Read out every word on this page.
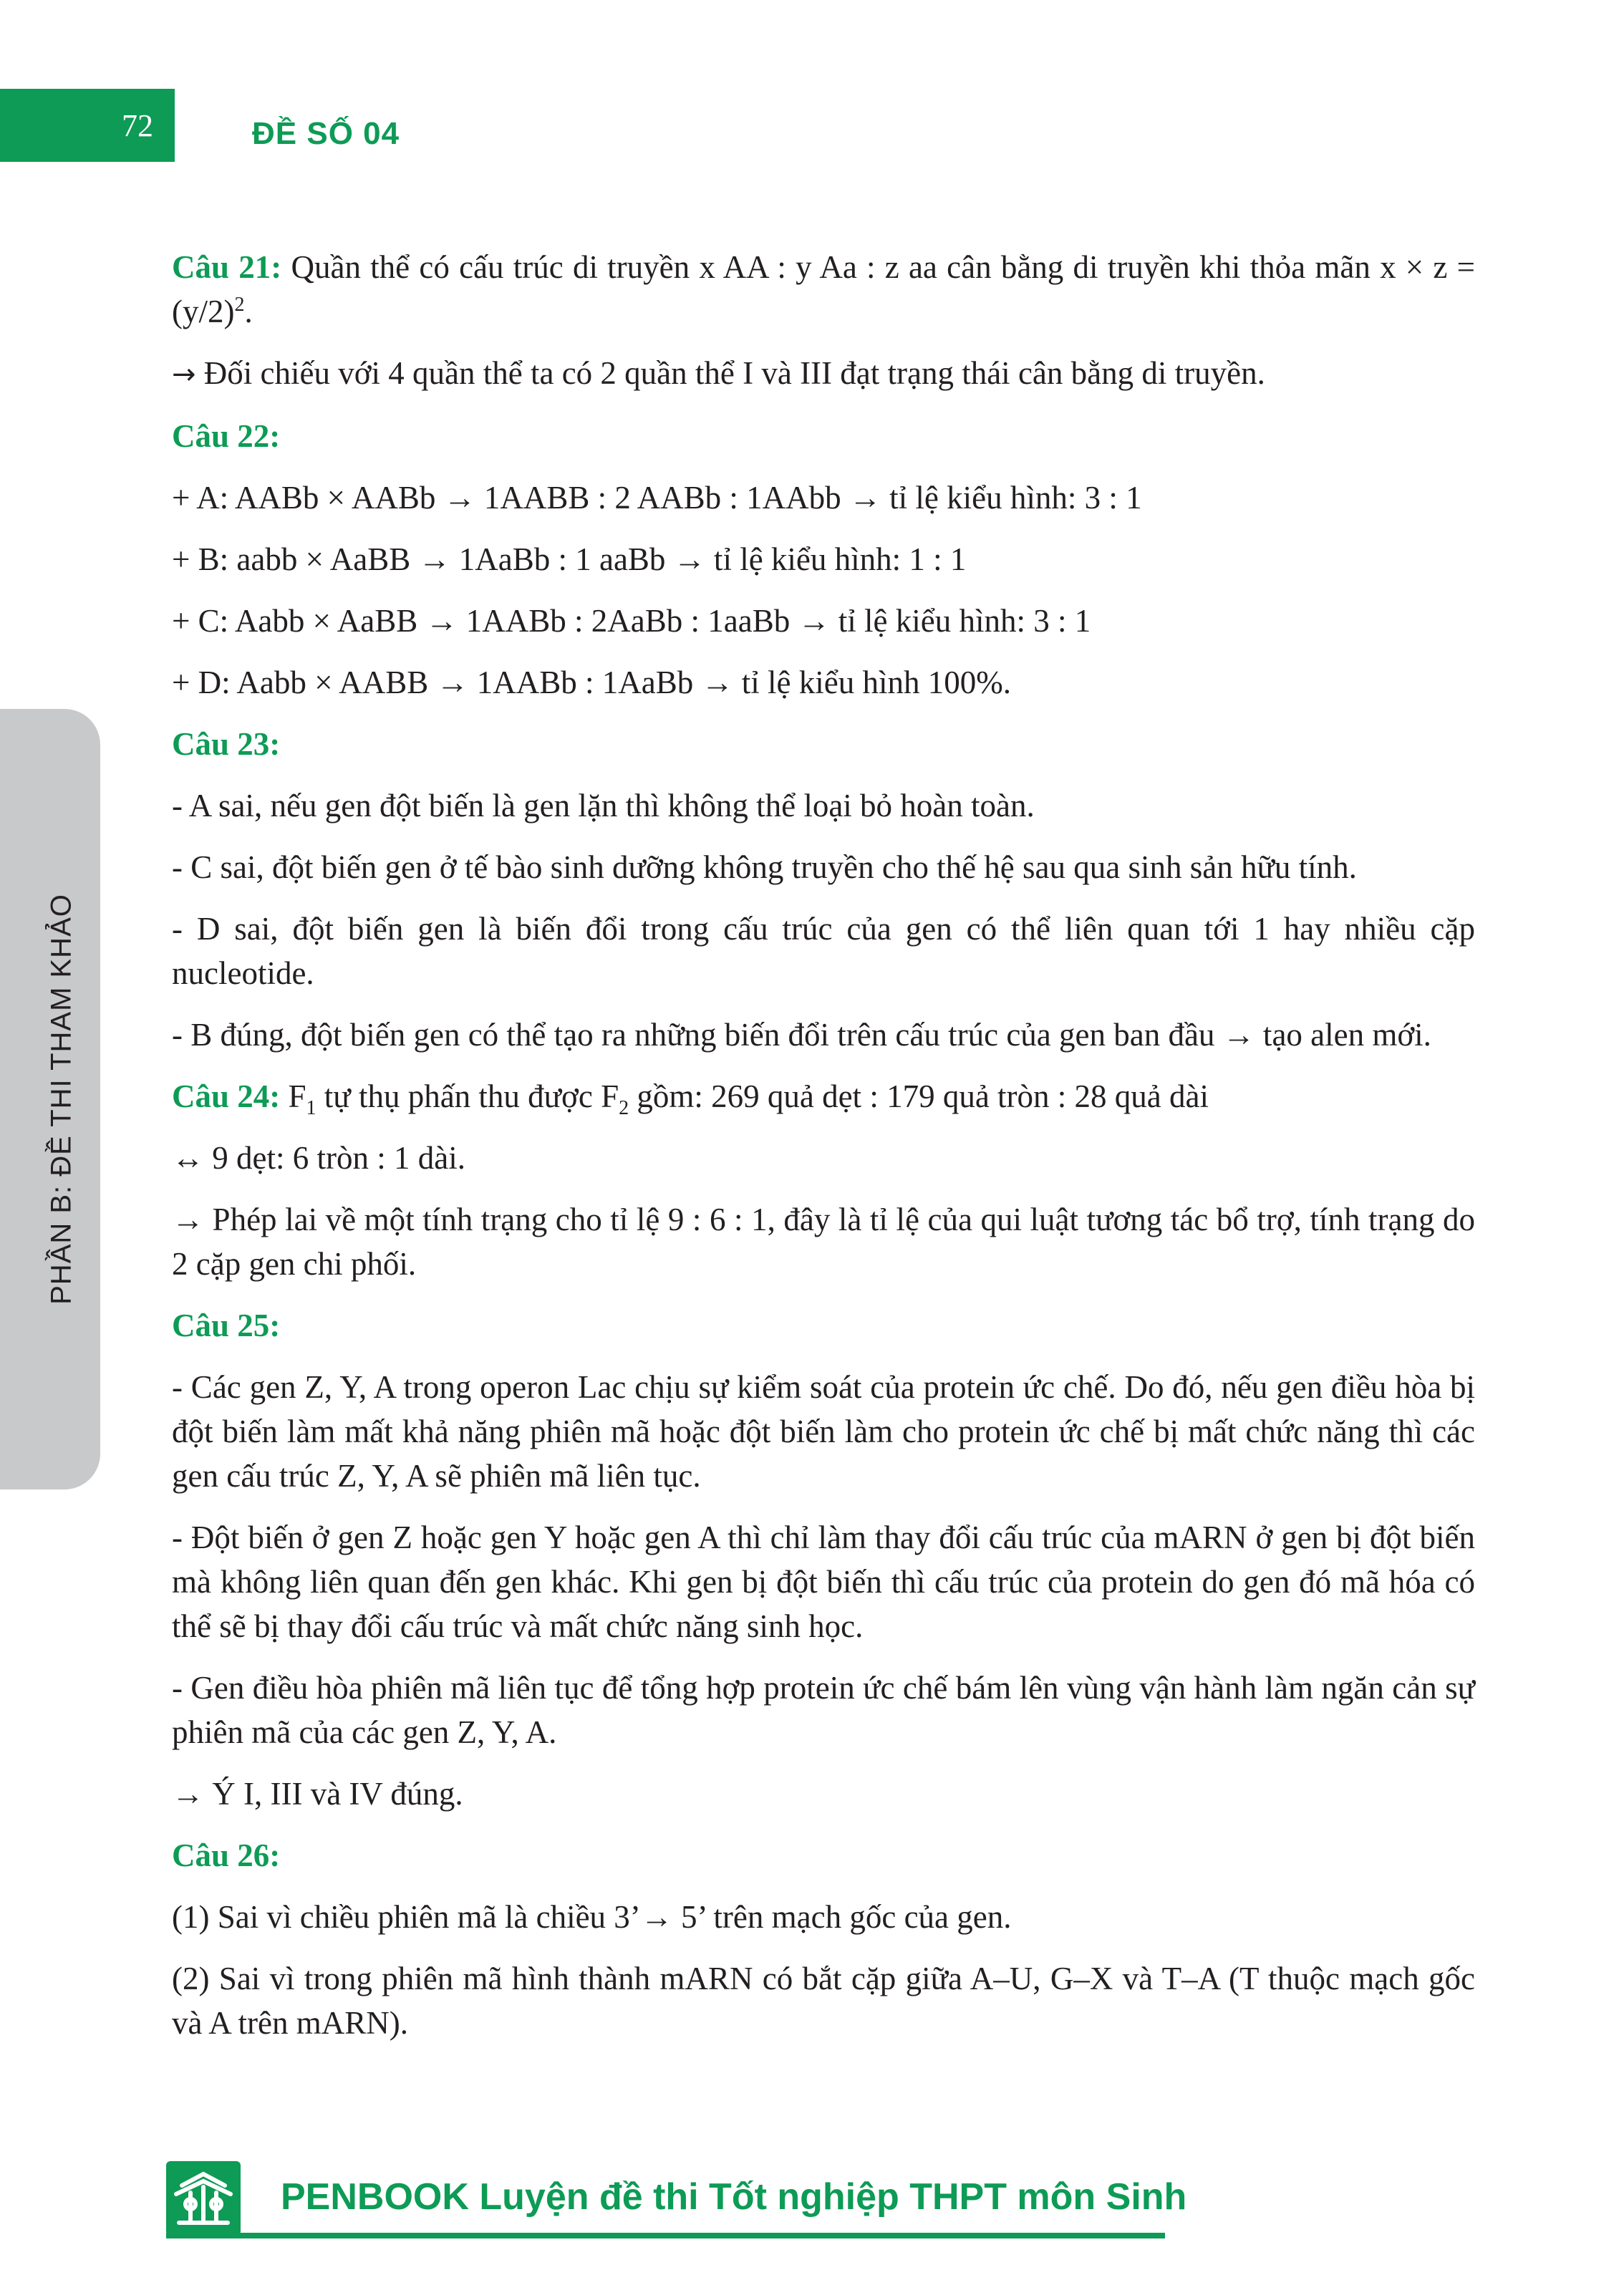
72	ĐỀ SỐ 04
PHẦN B: ĐỀ THI THAM KHẢO

Câu 21: Quần thể có cấu trúc di truyền x AA : y Aa : z aa cân bằng di truyền khi thỏa mãn $x \times z =(y/2)^2$.

→ Đối chiếu với 4 quần thể ta có 2 quần thể I và III đạt trạng thái cân bằng di truyền.

Câu 22:

+ A: AABb × AABb → 1AABB : 2 AABb : 1AAbb → tỉ lệ kiểu hình: 3 : 1

+ B: aabb × AaBB → 1AaBb : 1 aaBb → tỉ lệ kiểu hình: 1 : 1

+ C: Aabb × AaBB → 1AABb : 2AaBb : 1aaBb → tỉ lệ kiểu hình: 3 : 1

+ D: Aabb × AABB → 1AABb : 1AaBb → tỉ lệ kiểu hình 100%.

Câu 23:

- A sai, nếu gen đột biến là gen lặn thì không thể loại bỏ hoàn toàn.

- C sai, đột biến gen ở tế bào sinh dưỡng không truyền cho thế hệ sau qua sinh sản hữu tính.

- D sai, đột biến gen là biến đổi trong cấu trúc của gen có thể liên quan tới 1 hay nhiều cặp nucleotide.

- B đúng, đột biến gen có thể tạo ra những biến đổi trên cấu trúc của gen ban đầu → tạo alen mới.

Câu 24: $F_1$ tự thụ phấn thu được $F_2$ gồm: 269 quả dẹt : 179 quả tròn : 28 quả dài

↔ 9 dẹt: 6 tròn : 1 dài.

→ Phép lai về một tính trạng cho tỉ lệ 9 : 6 : 1, đây là tỉ lệ của qui luật tương tác bổ trợ, tính trạng do 2 cặp gen chi phối.

Câu 25:

- Các gen Z, Y, A trong operon Lac chịu sự kiểm soát của protein ức chế. Do đó, nếu gen điều hòa bị đột biến làm mất khả năng phiên mã hoặc đột biến làm cho protein ức chế bị mất chức năng thì các gen cấu trúc Z, Y, A sẽ phiên mã liên tục.

- Đột biến ở gen Z hoặc gen Y hoặc gen A thì chỉ làm thay đổi cấu trúc của mARN ở gen bị đột biến mà không liên quan đến gen khác. Khi gen bị đột biến thì cấu trúc của protein do gen đó mã hóa có thể sẽ bị thay đổi cấu trúc và mất chức năng sinh học.

- Gen điều hòa phiên mã liên tục để tổng hợp protein ức chế bám lên vùng vận hành làm ngăn cản sự phiên mã của các gen Z, Y, A.

→ Ý I, III và IV đúng.

Câu 26:

(1) Sai vì chiều phiên mã là chiều 3’→ 5’ trên mạch gốc của gen.

(2) Sai vì trong phiên mã hình thành mARN có bắt cặp giữa A–U, G–X và T–A (T thuộc mạch gốc và A trên mARN).

PENBOOK Luyện đề thi Tốt nghiệp THPT môn Sinh
